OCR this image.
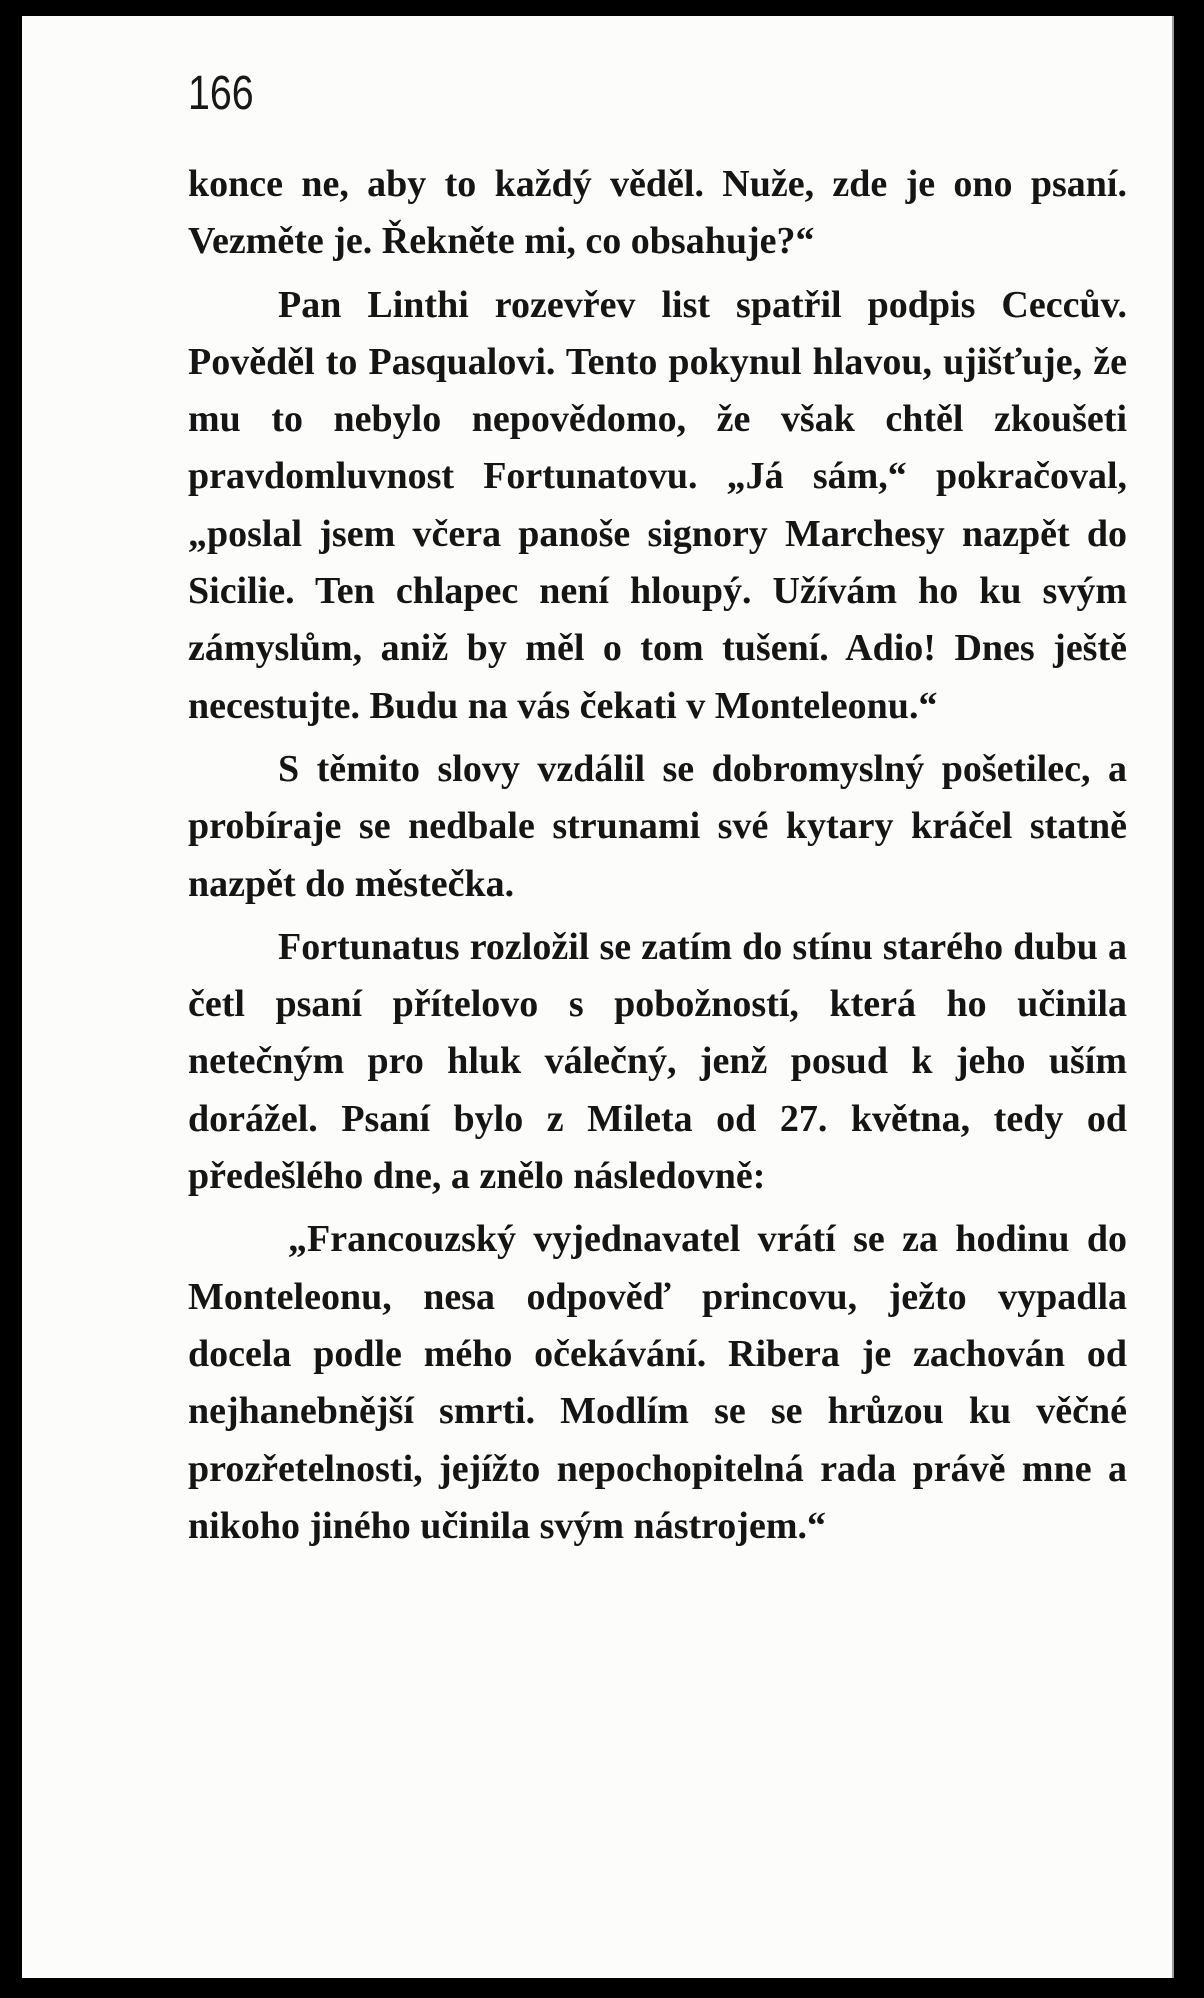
166

konce ne, aby to každý věděl. Nuže, zde je ono psaní. Vezměte je. Řekněte mi, co obsahuje?“

Pan Linthi rozevřev list spatřil podpis Ceccův. Pověděl to Pasqualovi. Tento pokynul hlavou, ujišťuje, že mu to nebylo nepovědomo, že však chtěl zkoušeti pravdomluvnost Fortunatovu. „Já sám,“ pokračoval, „poslal jsem včera panoše signory Marchesy nazpět do Sicilie. Ten chlapec není hloupý. Užívám ho ku svým zámyslům, aniž by měl o tom tušení. Adio! Dnes ještě necestujte. Budu na vás čekati v Monteleonu.“

S těmito slovy vzdálil se dobromyslný pošetilec, a probíraje se nedbale strunami své kytary kráčel statně nazpět do městečka.

Fortunatus rozložil se zatím do stínu starého dubu a četl psaní přítelovo s pobožností, která ho učinila netečným pro hluk válečný, jenž posud k jeho uším dorážel. Psaní bylo z Mileta od 27. května, tedy od předešlého dne, a znělo následovně:

„Francouzský vyjednavatel vrátí se za hodinu do Monteleonu, nesa odpověď princovu, ježto vypadla docela podle mého očekávání. Ribera je zachován od nejhanebnější smrti. Modlím se se hrůzou ku věčné prozřetelnosti, jejížto nepochopitelná rada právě mne a nikoho jiného učinila svým nástrojem.“
